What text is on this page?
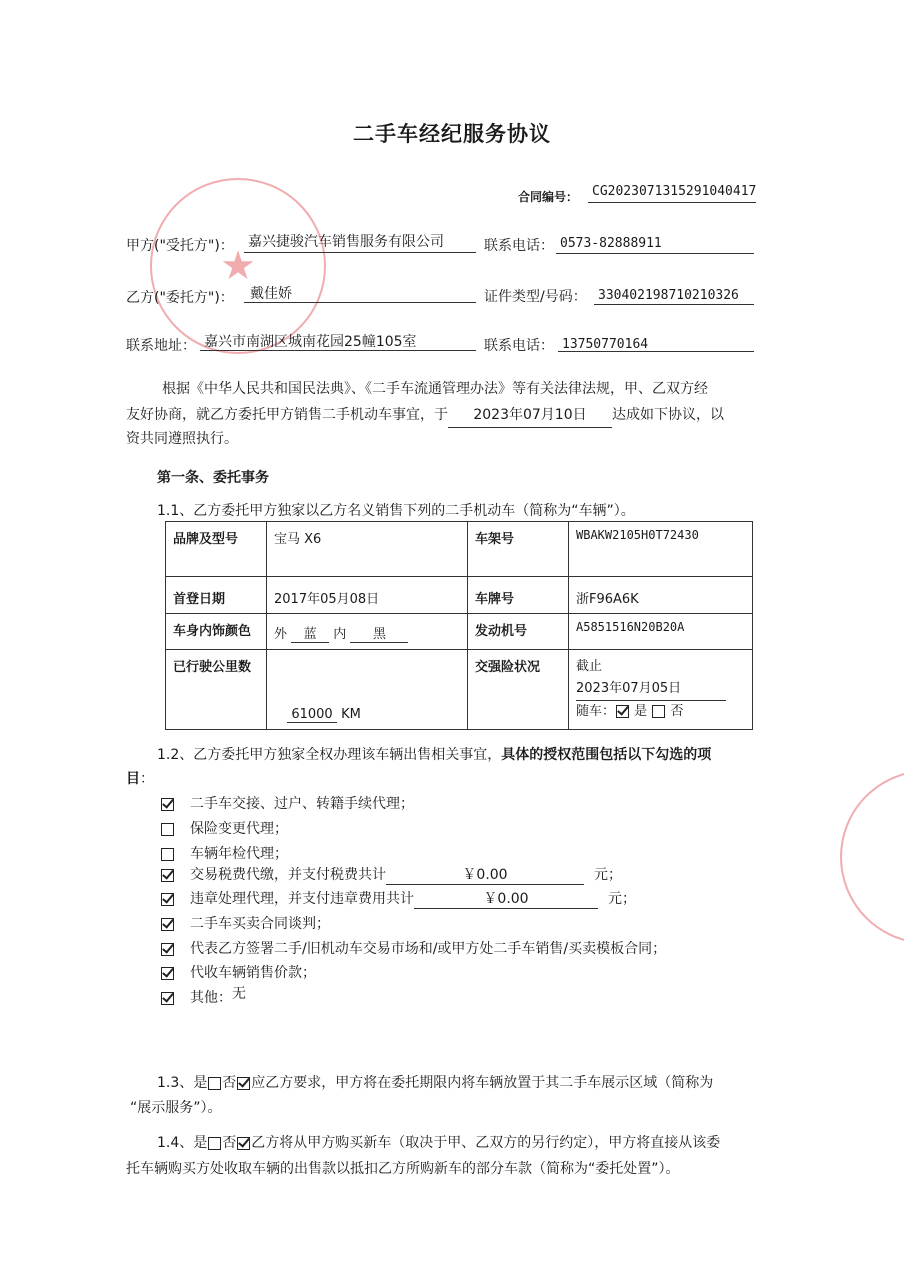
★
二手车经纪服务协议
合同编号： CG2023071315291040417
甲方("受托方")： 嘉兴捷骏汽车销售服务有限公司	联系电话： 0573-82888911
乙方("委托方")： 戴佳娇	证件类型/号码： 330402198710210326
联系地址： 嘉兴市南湖区城南花园25幢105室	联系电话： 13750770164
根据《中华人民共和国民法典》、《二手车流通管理办法》等有关法律法规，甲、乙双方经
友好协商，就乙方委托甲方销售二手机动车事宜，于 2023年07月10日 达成如下协议，以
资共同遵照执行。
第一条、委托事务
1.1、乙方委托甲方独家以乙方名义销售下列的二手机动车（简称为“车辆”）。
品牌及型号	宝马 X6	车架号	WBAKW2105H0T72430
首登日期	2017年05月08日	车牌号	浙F96A6K
车身内饰颜色	外 蓝 内 黑	发动机号	A5851516N20B20A
已行驶公里数	61000 KM	交强险状况	截止 2023年07月05日
随车： 是 否
1.2、乙方委托甲方独家全权办理该车辆出售相关事宜，具体的授权范围包括以下勾选的项
目：
二手车交接、过户、转籍手续代理；
保险变更代理；
车辆年检代理；
交易税费代缴，并支付税费共计	￥0.00	元；
违章处理代理，并支付违章费用共计	￥0.00	元；
二手车买卖合同谈判；
代表乙方签署二手/旧机动车交易市场和/或甲方处二手车销售/买卖模板合同；
代收车辆销售价款；
其他：无
1.3、是 否 应乙方要求，甲方将在委托期限内将车辆放置于其二手车展示区域（简称为
“展示服务”）。
1.4、是 否 乙方将从甲方购买新车（取决于甲、乙双方的另行约定），甲方将直接从该委
托车辆购买方处收取车辆的出售款以抵扣乙方所购新车的部分车款（简称为“委托处置”）。
